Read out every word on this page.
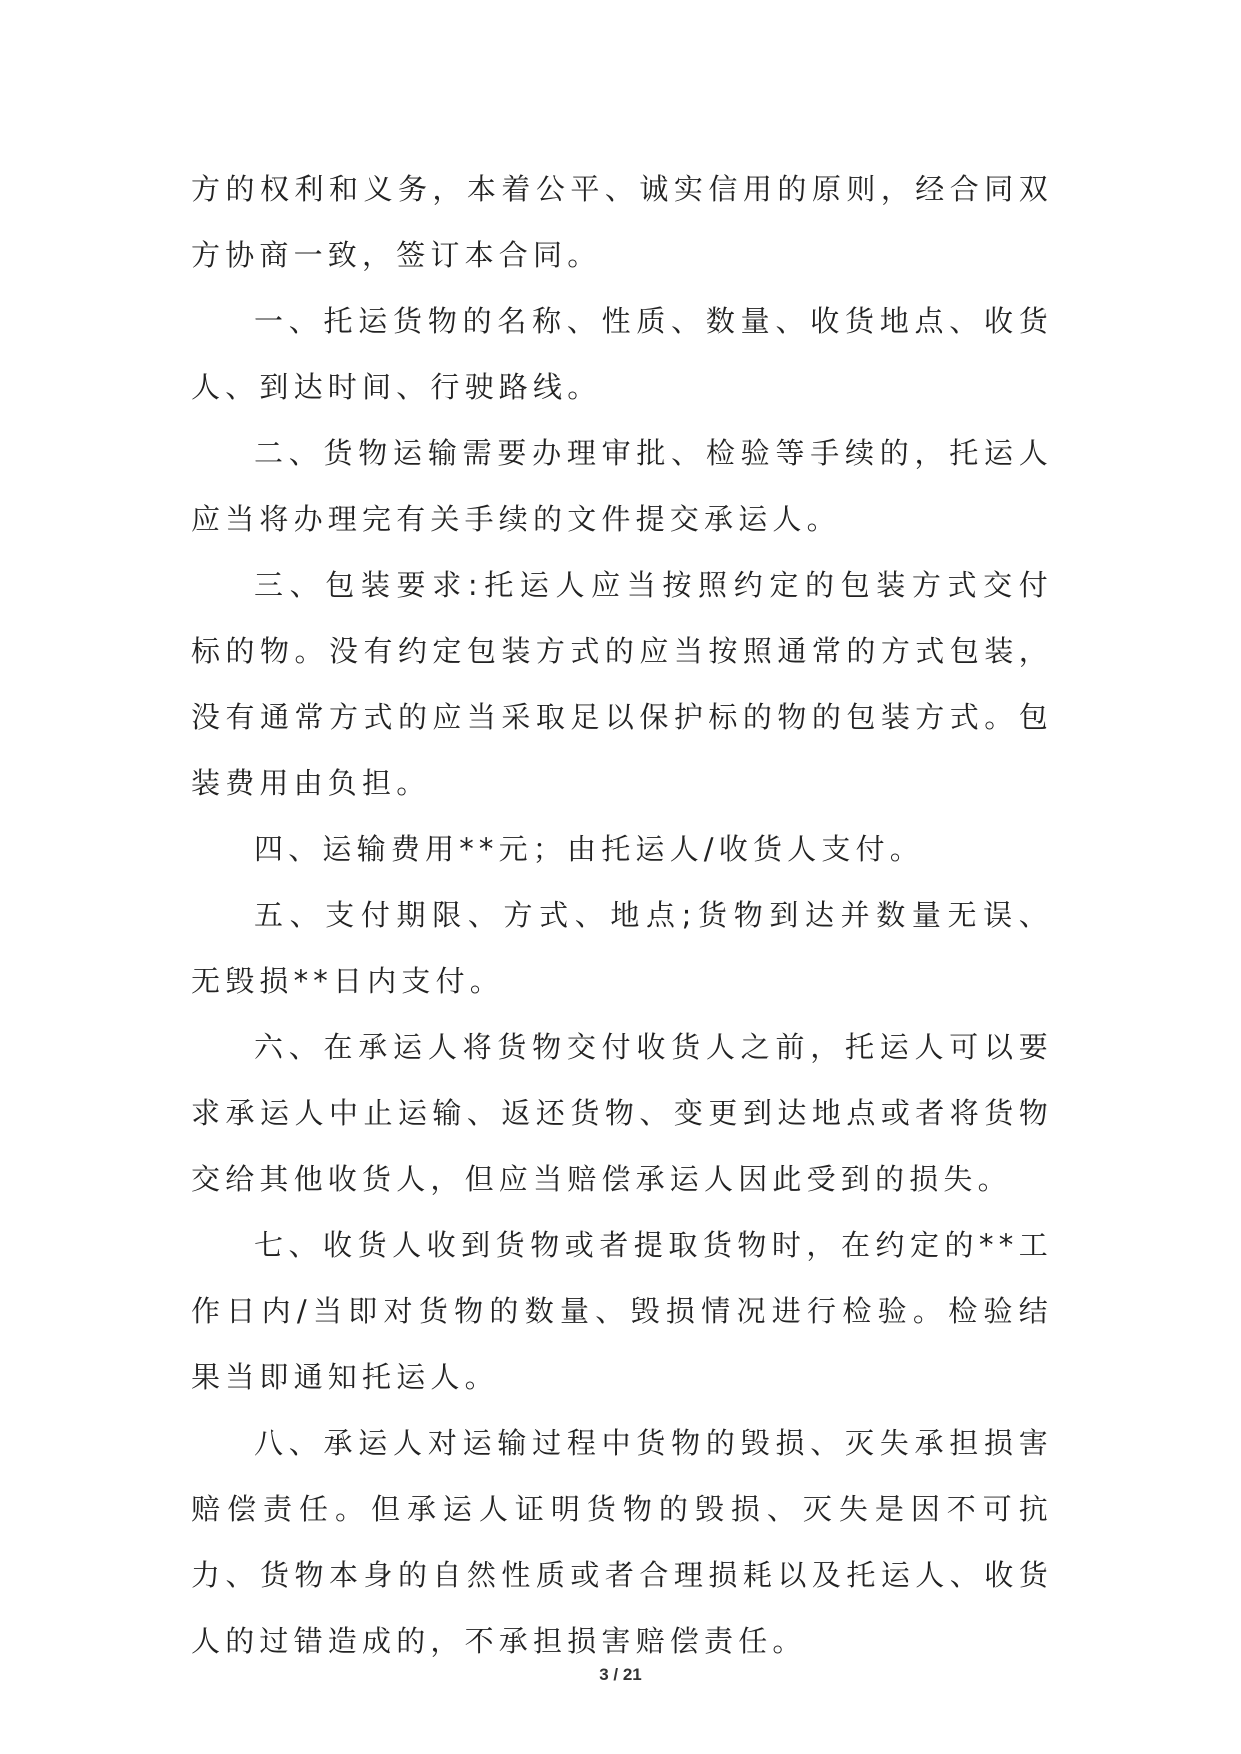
方的权利和义务，本着公平、诚实信用的原则，经合同双方协商一致，签订本合同。

一、托运货物的名称、性质、数量、收货地点、收货人、到达时间、行驶路线。

二、货物运输需要办理审批、检验等手续的，托运人应当将办理完有关手续的文件提交承运人。

三、包装要求:托运人应当按照约定的包装方式交付标的物。没有约定包装方式的应当按照通常的方式包装，没有通常方式的应当采取足以保护标的物的包装方式。包装费用由负担。

四、运输费用**元；由托运人/收货人支付。

五、支付期限、方式、地点;货物到达并数量无误、无毁损**日内支付。

六、在承运人将货物交付收货人之前，托运人可以要求承运人中止运输、返还货物、变更到达地点或者将货物交给其他收货人，但应当赔偿承运人因此受到的损失。

七、收货人收到货物或者提取货物时，在约定的**工作日内/当即对货物的数量、毁损情况进行检验。检验结果当即通知托运人。

八、承运人对运输过程中货物的毁损、灭失承担损害赔偿责任。但承运人证明货物的毁损、灭失是因不可抗力、货物本身的自然性质或者合理损耗以及托运人、收货人的过错造成的，不承担损害赔偿责任。

3 / 21
